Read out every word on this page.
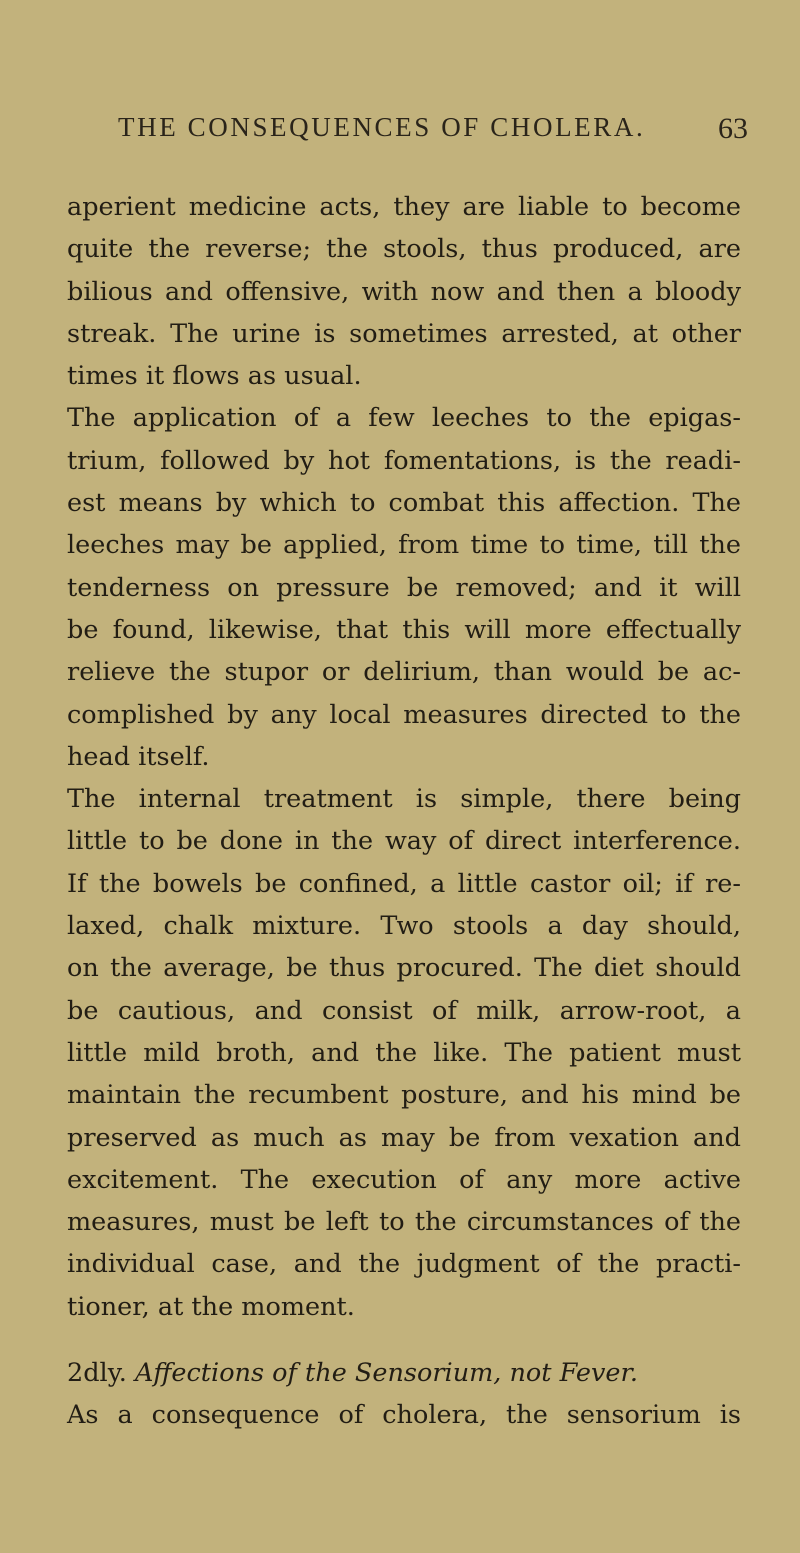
THE CONSEQUENCES OF CHOLERA. 63
aperient medicine acts, they are liable to become
quite the reverse; the stools, thus produced, are
bilious and offensive, with now and then a bloody
streak. The urine is sometimes arrested, at other
times it flows as usual.
The application of a few leeches to the epigas-
trium, followed by hot fomentations, is the readi-
est means by which to combat this affection. The
leeches may be applied, from time to time, till the
tenderness on pressure be removed; and it will
be found, likewise, that this will more effectually
relieve the stupor or delirium, than would be ac-
complished by any local measures directed to the
head itself.
The internal treatment is simple, there being
little to be done in the way of direct interference.
If the bowels be confined, a little castor oil; if re-
laxed, chalk mixture. Two stools a day should,
on the average, be thus procured. The diet should
be cautious, and consist of milk, arrow-root, a
little mild broth, and the like. The patient must
maintain the recumbent posture, and his mind be
preserved as much as may be from vexation and
excitement. The execution of any more active
measures, must be left to the circumstances of the
individual case, and the judgment of the practi-
tioner, at the moment.
2dly. Affections of the Sensorium, not Fever.
As a consequence of cholera, the sensorium is
